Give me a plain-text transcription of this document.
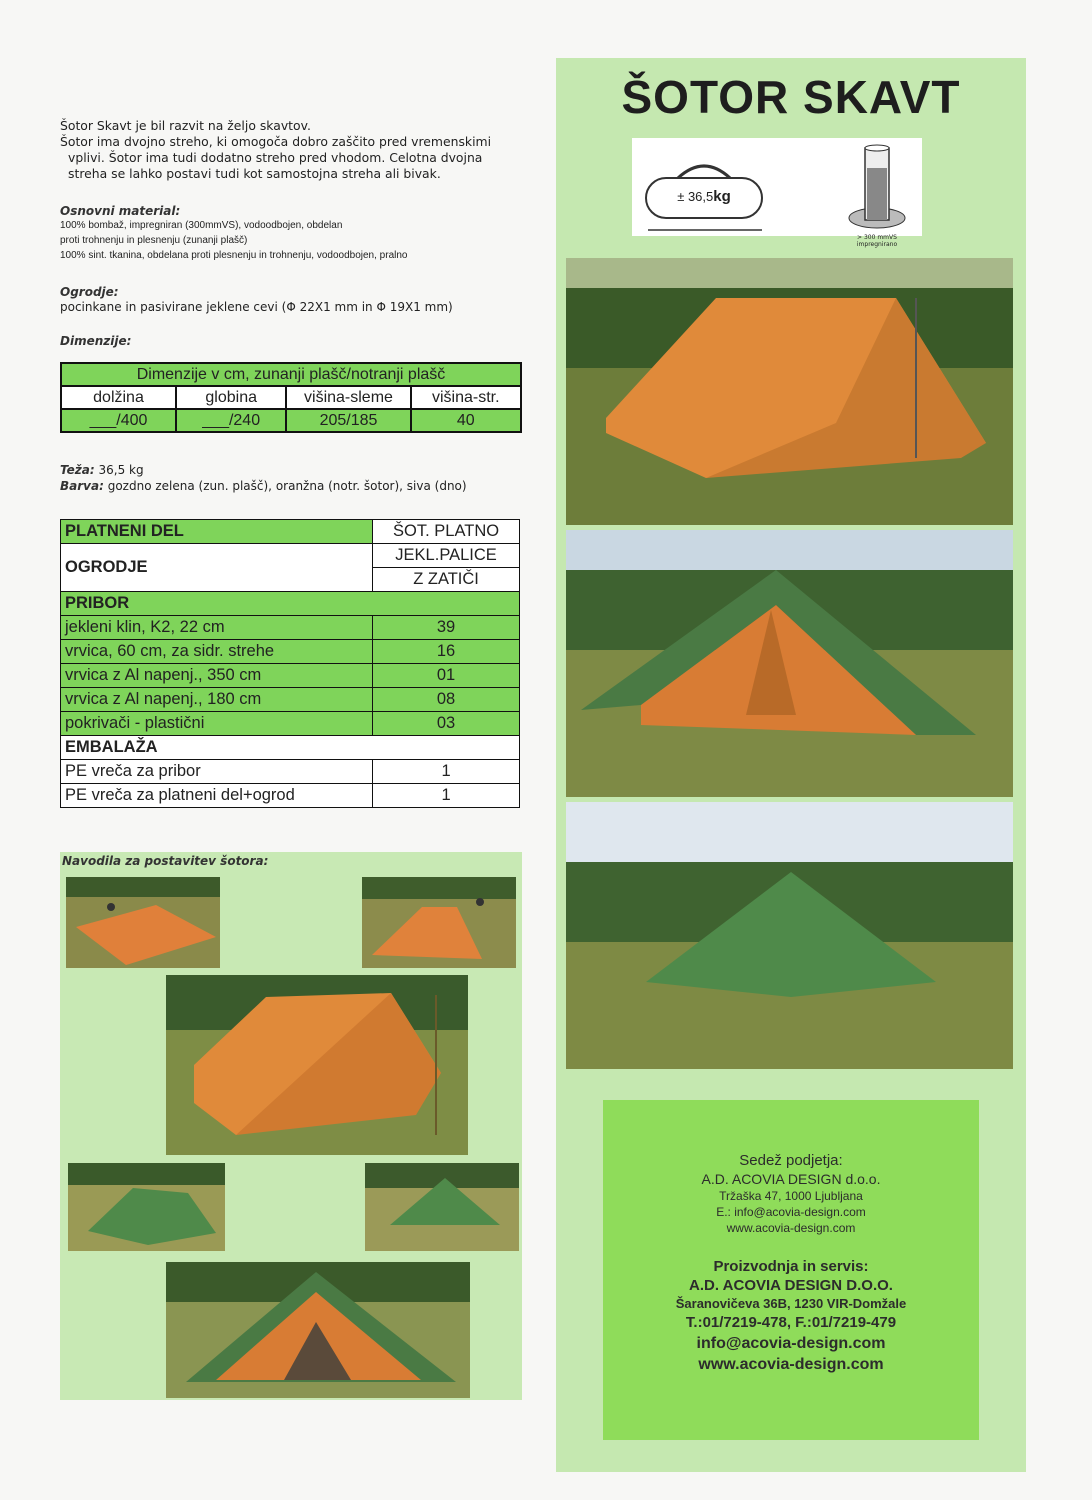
Šotor Skavt je bil razvit na željo skavtov.

Šotor ima dvojno streho, ki omogoča dobro zaščito pred vremenskimi

vplivi. Šotor ima tudi dodatno streho pred vhodom. Celotna dvojna

streha se lahko postavi tudi kot samostojna streha ali bivak.

Osnovni material:
100% bombaž, impregniran (300mmVS), vodoodbojen, obdelan
proti trohnenju in plesnenju (zunanji plašč)
100% sint. tkanina, obdelana proti plesnenju in trohnenju, vodoodbojen, pralno
Ogrodje:
pocinkane in pasivirane jeklene cevi (Φ 22X1 mm in Φ 19X1 mm)
Dimenzije:
Dimenzije v cm, zunanji plašč/notranji plašč			
dolžina	globina	višina-sleme	višina-str.
___/400	___/240	205/185	40
Teža: 36,5 kg
Barva: gozdno zelena (zun. plašč), oranžna (notr. šotor), siva (dno)
PLATNENI DEL	ŠOT. PLATNO
OGRODJE	JEKL.PALICE
	Z ZATIČI
PRIBOR	
jekleni klin, K2, 22 cm	39
vrvica, 60 cm, za sidr. strehe	16
vrvica z Al napenj., 350 cm	01
vrvica z Al napenj., 180 cm	08
pokrivači - plastični	03
EMBALAŽA	
PE vreča za pribor	1
PE vreča za platneni del+ogrod	1
Navodila za postavitev šotora:
ŠOTOR SKAVT
± 36,5kg
> 300 mmVS
impregnirano
Sedež podjetja:
A.D. ACOVIA DESIGN d.o.o.
Tržaška 47, 1000 Ljubljana
E.: info@acovia-design.com
www.acovia-design.com
Proizvodnja in servis:
A.D. ACOVIA DESIGN D.O.O.
Šaranovičeva 36B, 1230 VIR-Domžale
T.:01/7219-478, F.:01/7219-479
info@acovia-design.com
www.acovia-design.com
